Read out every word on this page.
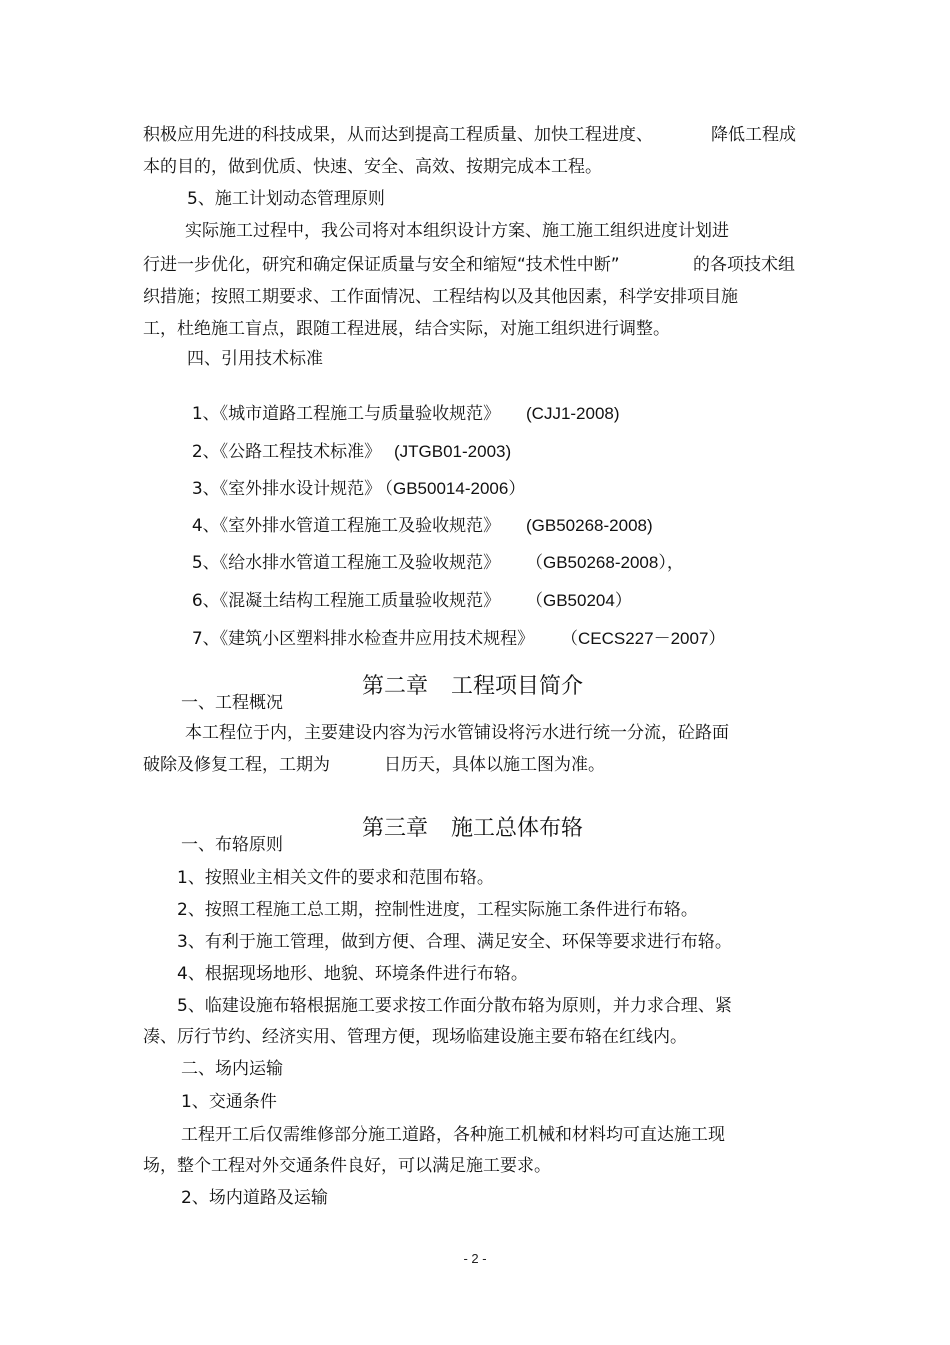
积极应用先进的科技成果，从而达到提高工程质量、加快工程进度、	降低工程成
本的目的，做到优质、快速、安全、高效、按期完成本工程。
5、施工计划动态管理原则
实际施工过程中，我公司将对本组织设计方案、施工施工组织进度计划进
行进一步优化，研究和确定保证质量与安全和缩短“技术性中断”	的各项技术组
织措施；按照工期要求、工作面情况、工程结构以及其他因素，科学安排项目施
工，杜绝施工盲点，跟随工程进展，结合实际，对施工组织进行调整。
四、引用技术标准

1、《城市道路工程施工与质量验收规范》 (CJJ1-2008)

2、《公路工程技术标准》 (JTGB01-2003)

3、《室外排水设计规范》
（GB50014-2006）

4、《室外排水管道工程施工及验收规范》 (GB50268-2008)

5、《给水排水管道工程施工及验收规范》 （GB50268-2008），

6、《混凝土结构工程施工质量验收规范》 （GB50204）

7、《建筑小区塑料排水检查井应用技术规程》 （CECS227－2007）

第二章 工程项目简介

一、工程概况
本工程位于内，主要建设内容为污水管铺设将污水进行统一分流，砼路面
破除及修复工程，工期为	日历天，具体以施工图为准。

第三章 施工总体布辂

一、布辂原则
1、按照业主相关文件的要求和范围布辂。
2、按照工程施工总工期，控制性进度，工程实际施工条件进行布辂。
3、有利于施工管理，做到方便、合理、满足安全、环保等要求进行布辂。
4、根据现场地形、地貌、环境条件进行布辂。
5、临建设施布辂根据施工要求按工作面分散布辂为原则，并力求合理、紧
凑、厉行节约、经济实用、管理方便，现场临建设施主要布辂在红线内。
二、场内运输
1、交通条件
工程开工后仅需维修部分施工道路，各种施工机械和材料均可直达施工现
场，整个工程对外交通条件良好，可以满足施工要求。
2、场内道路及运输
- 2 -
